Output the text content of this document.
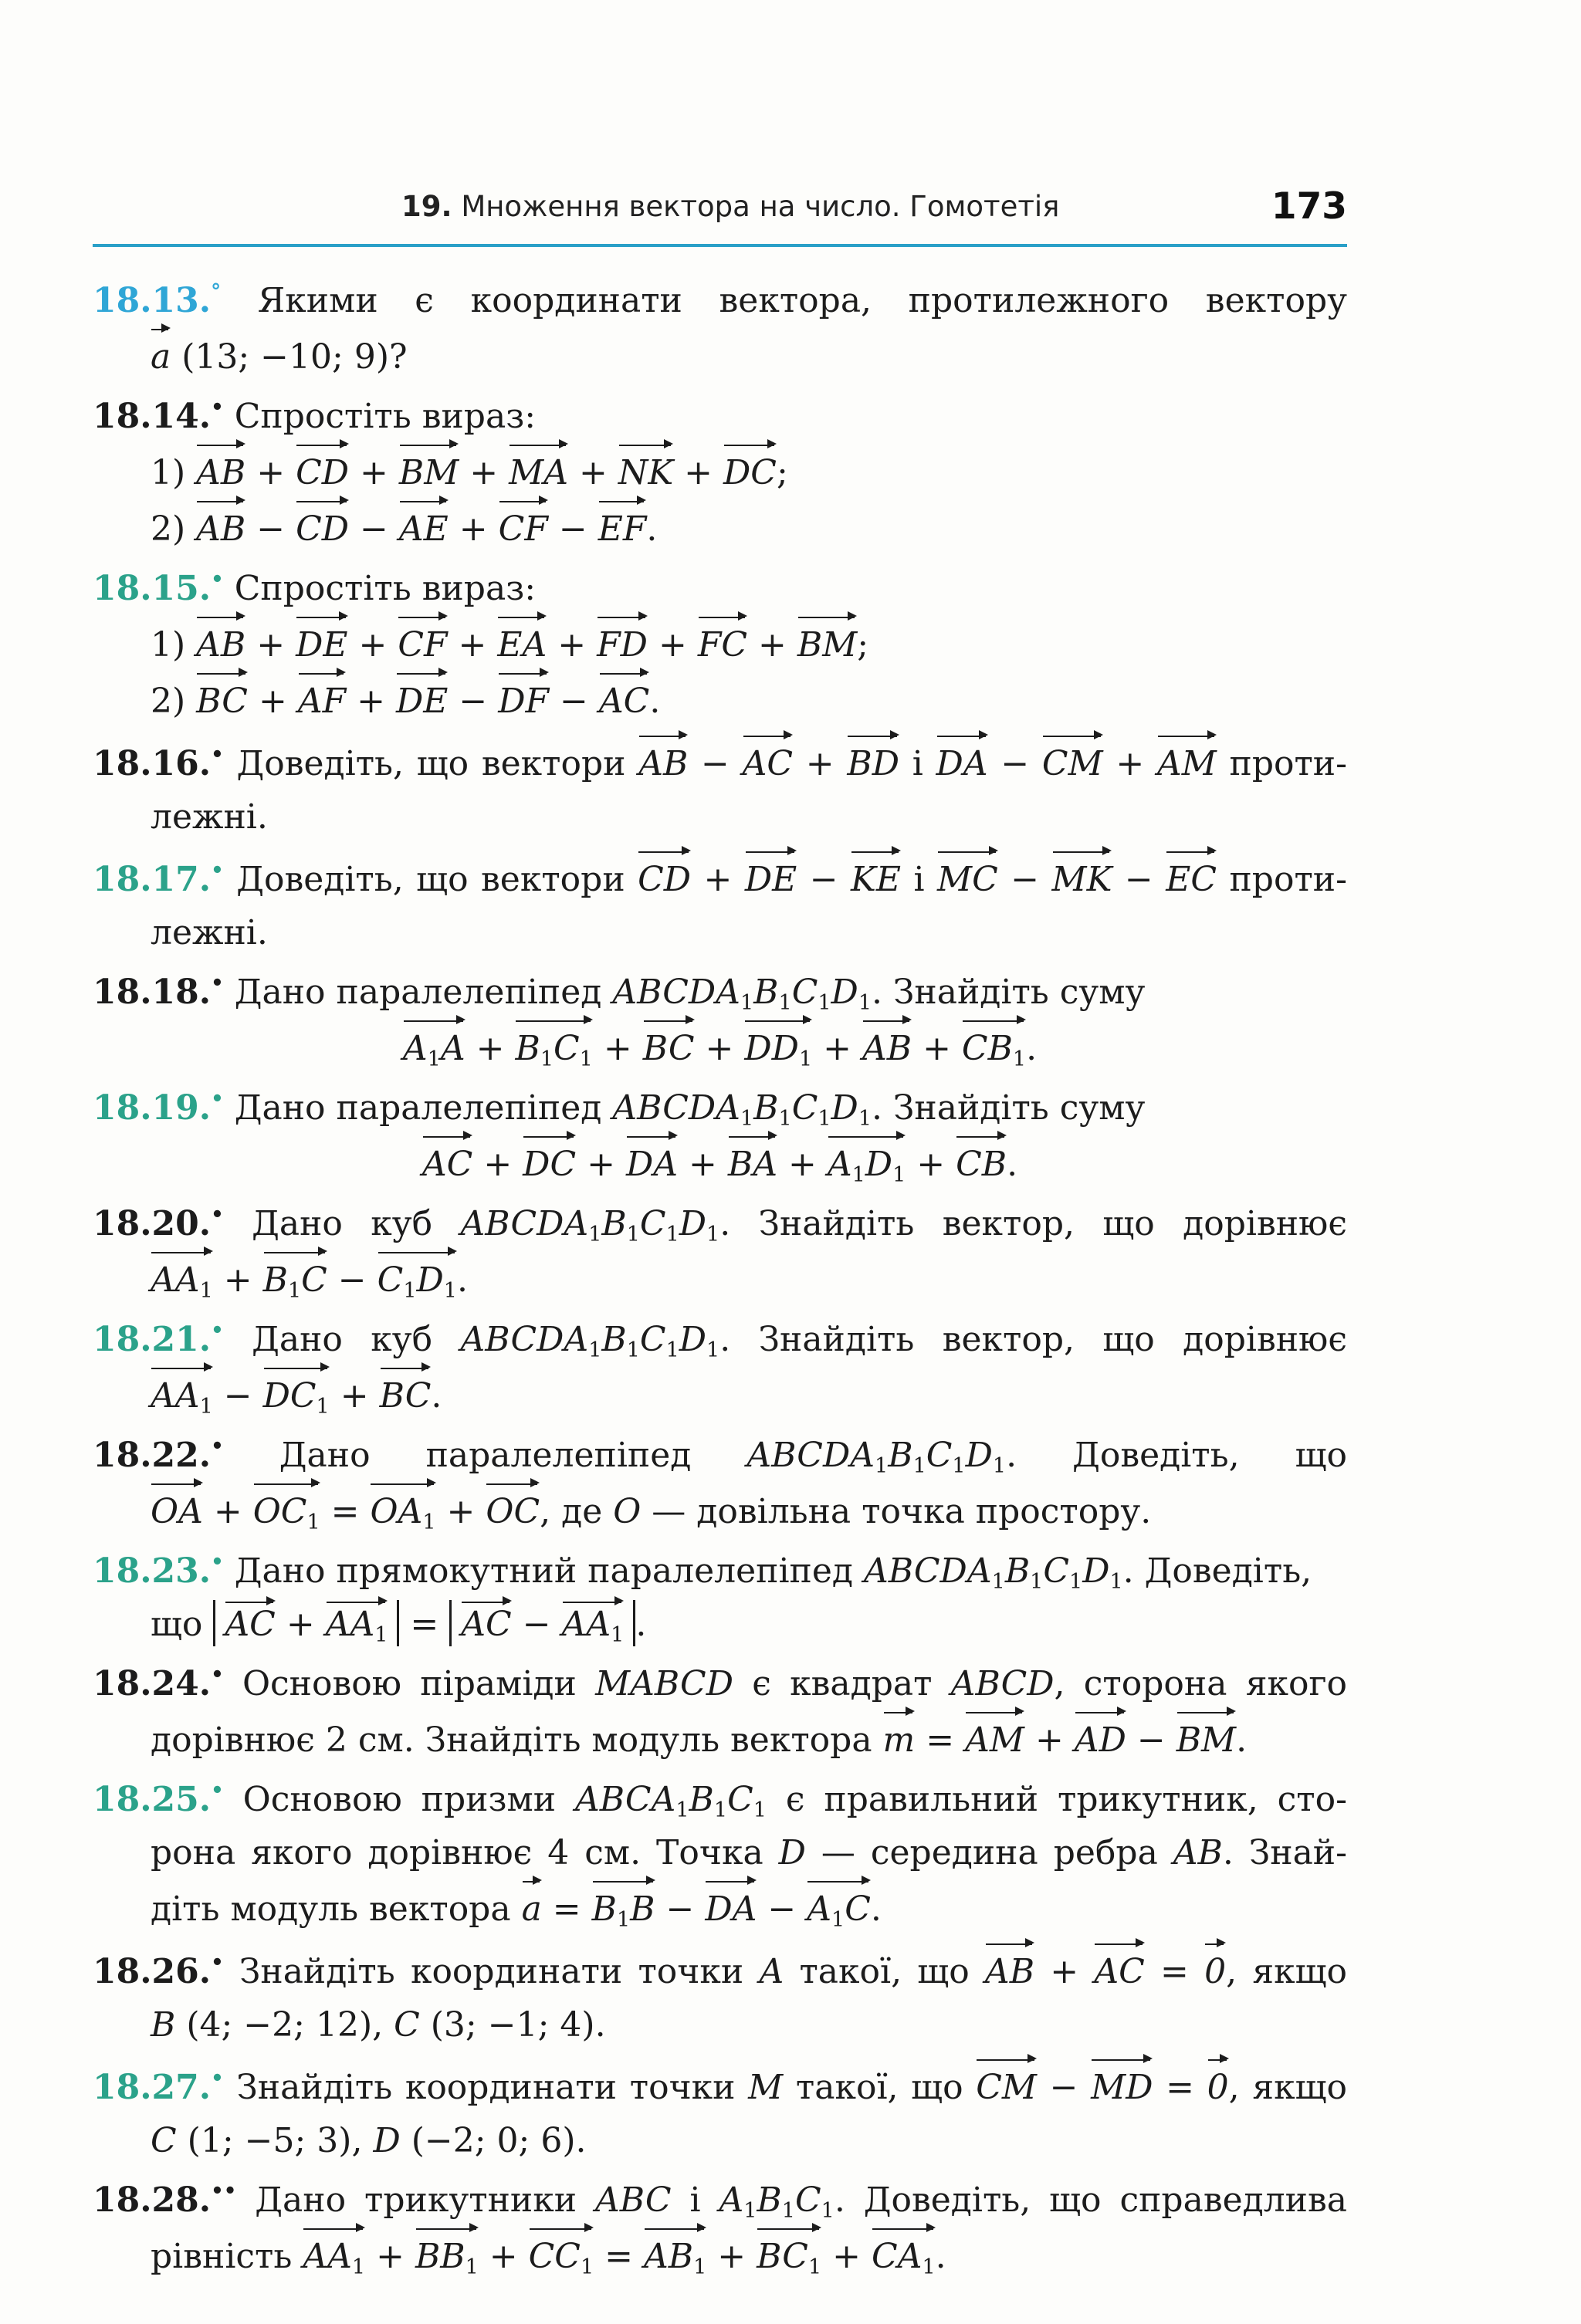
19. Множення вектора на число. Гомотетія	173
18.13.° Якими є координати вектора, протилежного вектору
a (13; −10; 9)?
18.14.• Спростіть вираз:
1) AB + CD + BM + MA + NK + DC;
2) AB − CD − AE + CF − EF.
18.15.• Спростіть вираз:
1) AB + DE + CF + EA + FD + FC + BM;
2) BC + AF + DE − DF − AC.
18.16.• Доведіть, що вектори AB − AC + BD і DA − CM + AM проти-
лежні.
18.17.• Доведіть, що вектори CD + DE − KE і MC − MK − EC проти-
лежні.
18.18.• Дано паралелепіпед $ABCDA_1B_1C_1D_1$. Знайдіть суму
$A_1A + B_1C_1$ + BC + $DD_1$ + AB + $CB_1$.
18.19.• Дано паралелепіпед $ABCDA_1B_1C_1D_1$. Знайдіть суму
AC + DC + DA + BA + $A_1D_1$ + CB.
18.20.• Дано куб $ABCDA_1B_1C_1D_1$. Знайдіть вектор, що дорівнює
$AA_1 + B_1C - C_1D_1$.
18.21.• Дано куб $ABCDA_1B_1C_1D_1$. Знайдіть вектор, що дорівнює
$AA_1 - DC_1$ + BC.
18.22.• Дано паралелепіпед $ABCDA_1B_1C_1D_1$. Доведіть, що
OA + $OC_1 = OA_1$ + OC, де O — довільна точка простору.
18.23.• Дано прямокутний паралелепіпед $ABCDA_1B_1C_1D_1$. Доведіть,
що AC + $AA_1$ = AC − $AA_1$ .
18.24.• Основою піраміди MABCD є квадрат ABCD, сторона якого
дорівнює 2 см. Знайдіть модуль вектора m = AM + AD − BM.
18.25.• Основою призми $ABCA_1B_1C_1$ є правильний трикутник, сто-
рона якого дорівнює 4 см. Точка D — середина ребра AB. Знай-
діть модуль вектора $a = B_1B$ − DA − $A_1C$.
18.26.• Знайдіть координати точки A такої, що AB + AC = 0, якщо
B (4; −2; 12), C (3; −1; 4).
18.27.• Знайдіть координати точки M такої, що CM − MD = 0, якщо
C (1; −5; 3), D (−2; 0; 6).
18.28.•• Дано трикутники ABC і $A_1B_1C_1$. Доведіть, що справедлива
рівність $AA_1 + BB_1 + CC_1 = AB_1 + BC_1 + CA_1$.
